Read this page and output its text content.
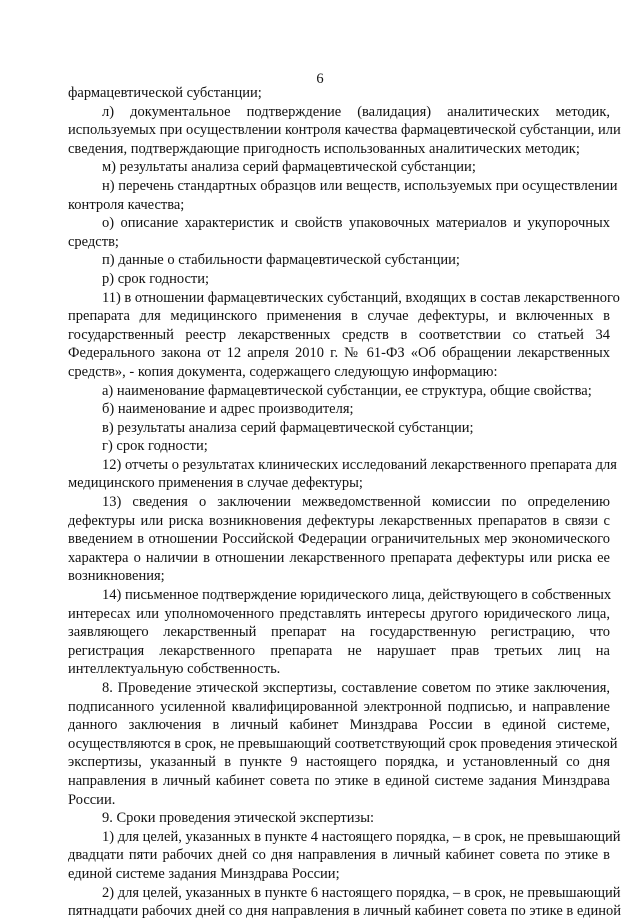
6
фармацевтической субстанции;
л) документальное подтверждение (валидация) аналитических методик,
используемых при осуществлении контроля качества фармацевтической субстанции, или
сведения, подтверждающие пригодность использованных аналитических методик;
м) результаты анализа серий фармацевтической субстанции;
н) перечень стандартных образцов или веществ, используемых при осуществлении
контроля качества;
о) описание характеристик и свойств упаковочных материалов и укупорочных
средств;
п) данные о стабильности фармацевтической субстанции;
р) срок годности;
11) в отношении фармацевтических субстанций, входящих в состав лекарственного
препарата для медицинского применения в случае дефектуры, и включенных в
государственный реестр лекарственных средств в соответствии со статьей 34
Федерального закона от 12 апреля 2010 г. № 61-ФЗ «Об обращении лекарственных
средств», - копия документа, содержащего следующую информацию:
а) наименование фармацевтической субстанции, ее структура, общие свойства;
б) наименование и адрес производителя;
в) результаты анализа серий фармацевтической субстанции;
г) срок годности;
12) отчеты о результатах клинических исследований лекарственного препарата для
медицинского применения в случае дефектуры;
13) сведения о заключении межведомственной комиссии по определению
дефектуры или риска возникновения дефектуры лекарственных препаратов в связи с
введением в отношении Российской Федерации ограничительных мер экономического
характера о наличии в отношении лекарственного препарата дефектуры или риска ее
возникновения;
14) письменное подтверждение юридического лица, действующего в собственных
интересах или уполномоченного представлять интересы другого юридического лица,
заявляющего лекарственный препарат на государственную регистрацию, что
регистрация лекарственного препарата не нарушает прав третьих лиц на
интеллектуальную собственность.
8. Проведение этической экспертизы, составление советом по этике заключения,
подписанного усиленной квалифицированной электронной подписью, и направление
данного заключения в личный кабинет Минздрава России в единой системе,
осуществляются в срок, не превышающий соответствующий срок проведения этической
экспертизы, указанный в пункте 9 настоящего порядка, и установленный со дня
направления в личный кабинет совета по этике в единой системе задания Минздрава
России.
9. Сроки проведения этической экспертизы:
1) для целей, указанных в пункте 4 настоящего порядка, – в срок, не превышающий
двадцати пяти рабочих дней со дня направления в личный кабинет совета по этике в
единой системе задания Минздрава России;
2) для целей, указанных в пункте 6 настоящего порядка, – в срок, не превышающий
пятнадцати рабочих дней со дня направления в личный кабинет совета по этике в единой
